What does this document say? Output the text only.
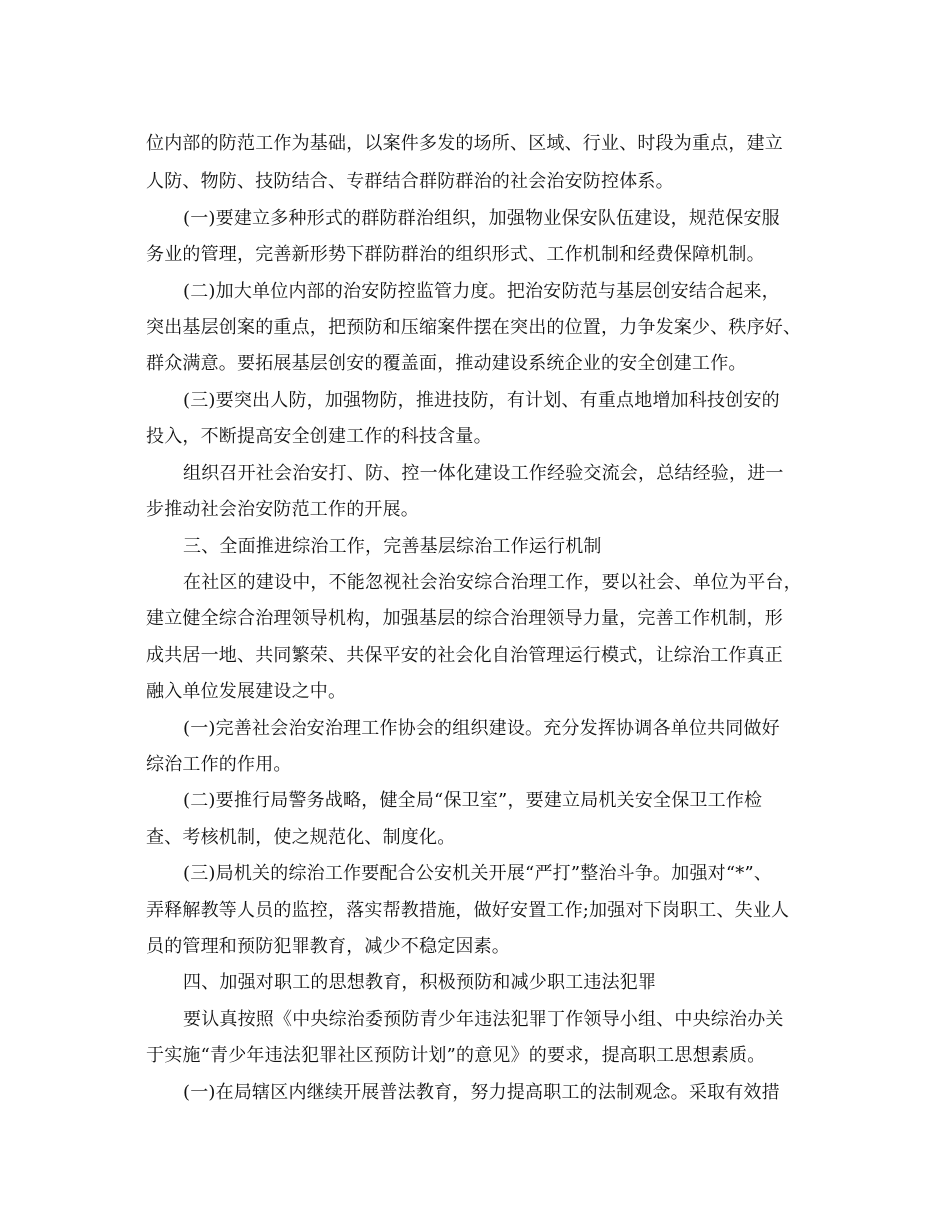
位内部的防范工作为基础，以案件多发的场所、区域、行业、时段为重点，建立
人防、物防、技防结合、专群结合群防群治的社会治安防控体系。
(一)要建立多种形式的群防群治组织，加强物业保安队伍建设，规范保安服
务业的管理，完善新形势下群防群治的组织形式、工作机制和经费保障机制。
(二)加大单位内部的治安防控监管力度。把治安防范与基层创安结合起来，
突出基层创案的重点，把预防和压缩案件摆在突出的位置，力争发案少、秩序好、
群众满意。要拓展基层创安的覆盖面，推动建设系统企业的安全创建工作。
(三)要突出人防，加强物防，推进技防，有计划、有重点地增加科技创安的
投入，不断提高安全创建工作的科技含量。
组织召开社会治安打、防、控一体化建设工作经验交流会，总结经验，进一
步推动社会治安防范工作的开展。
三、全面推进综治工作，完善基层综治工作运行机制
在社区的建设中，不能忽视社会治安综合治理工作，要以社会、单位为平台，
建立健全综合治理领导机构，加强基层的综合治理领导力量，完善工作机制，形
成共居一地、共同繁荣、共保平安的社会化自治管理运行模式，让综治工作真正
融入单位发展建设之中。
(一)完善社会治安治理工作协会的组织建设。充分发挥协调各单位共同做好
综治工作的作用。
(二)要推行局警务战略，健全局“保卫室”，要建立局机关安全保卫工作检
查、考核机制，使之规范化、制度化。
(三)局机关的综治工作要配合公安机关开展“严打”整治斗争。加强对“*”、
弄释解教等人员的监控，落实帮教措施，做好安置工作;加强对下岗职工、失业人
员的管理和预防犯罪教育，减少不稳定因素。
四、加强对职工的思想教育，积极预防和减少职工违法犯罪
要认真按照《中央综治委预防青少年违法犯罪丁作领导小组、中央综治办关
于实施“青少年违法犯罪社区预防计划”的意见》的要求，提高职工思想素质。
(一)在局辖区内继续开展普法教育，努力提高职工的法制观念。采取有效措
